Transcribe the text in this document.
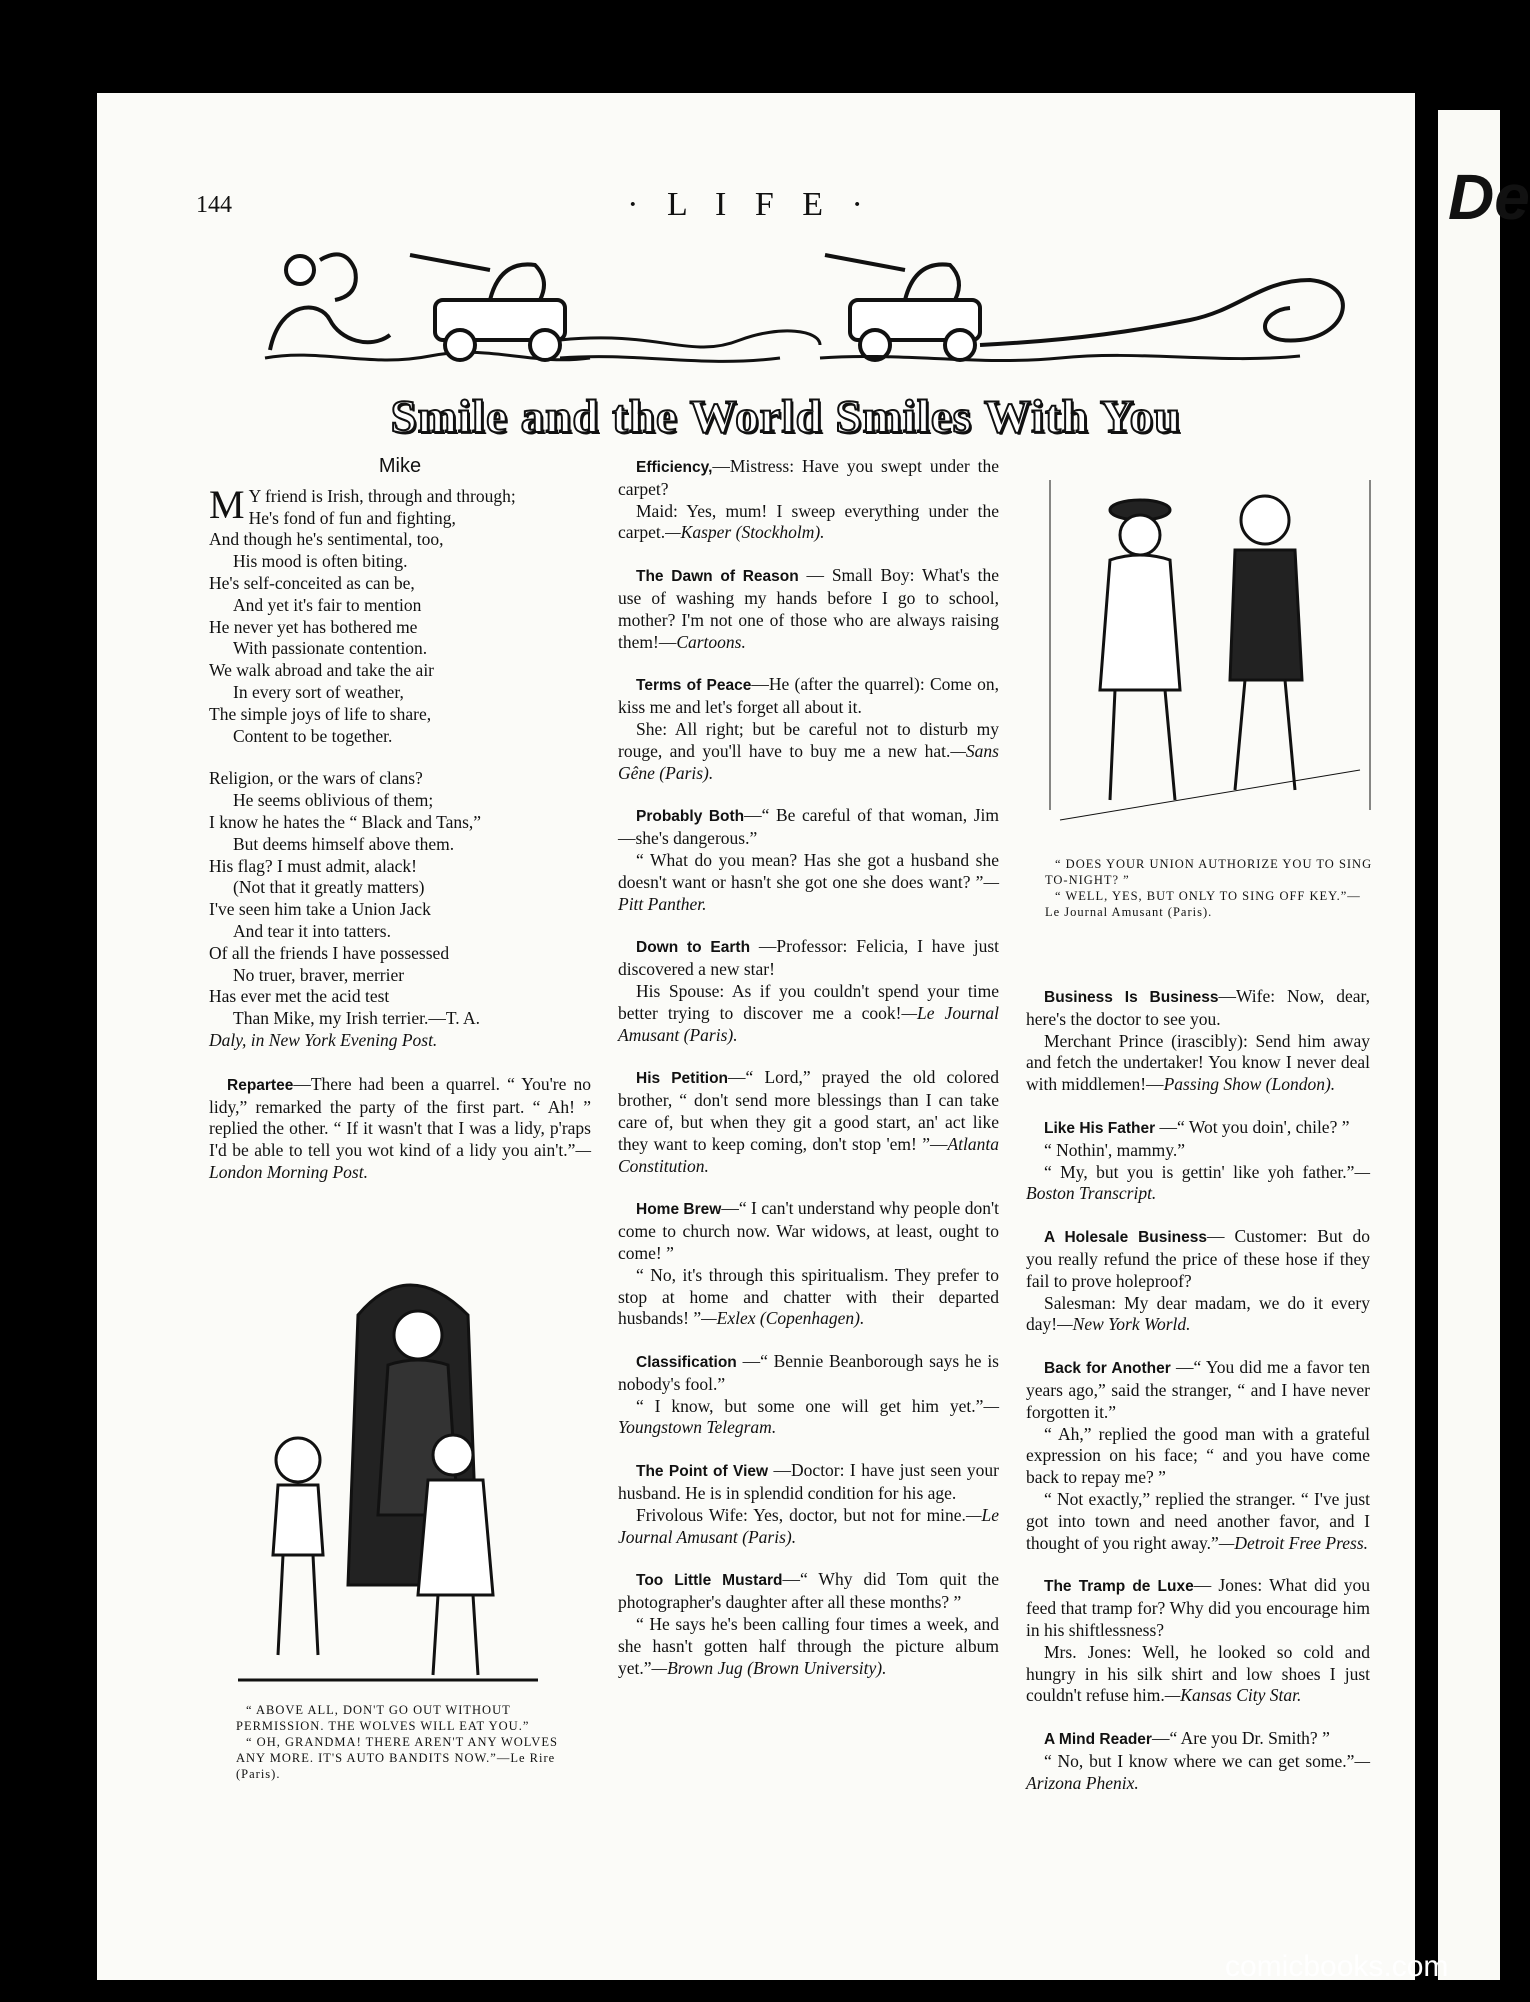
De
144	· L I F E ·
Smile and the World Smiles With You
Mike
M Y friend is Irish, through and through;
He's fond of fun and fighting,
And though he's sentimental, too,
His mood is often biting.
He's self-conceited as can be,
And yet it's fair to mention
He never yet has bothered me
With passionate contention.
We walk abroad and take the air
In every sort of weather,
The simple joys of life to share,
Content to be together.
Religion, or the wars of clans?
He seems oblivious of them;
I know he hates the “ Black and Tans,”
But deems himself above them.
His flag? I must admit, alack!
(Not that it greatly matters)
I've seen him take a Union Jack
And tear it into tatters.
Of all the friends I have possessed
No truer, braver, merrier
Has ever met the acid test
Than Mike, my Irish terrier.—T. A.

Daly, in New York Evening Post.

Repartee—There had been a quarrel. “ You're no lidy,” remarked the party of the first part. “ Ah! ” replied the other. “ If it wasn't that I was a lidy, p'raps I'd be able to tell you wot kind of a lidy you ain't.”—London Morning Post.

“ ABOVE ALL, DON'T GO OUT WITHOUT PERMISSION. THE WOLVES WILL EAT YOU.”

“ OH, GRANDMA! THERE AREN'T ANY WOLVES ANY MORE. IT'S AUTO BANDITS NOW.”—Le Rire (Paris).

Efficiency,—Mistress: Have you swept under the carpet?

Maid: Yes, mum! I sweep everything under the carpet.—Kasper (Stockholm).

The Dawn of Reason — Small Boy: What's the use of washing my hands before I go to school, mother? I'm not one of those who are always raising them!—Cartoons.

Terms of Peace—He (after the quarrel): Come on, kiss me and let's forget all about it.

She: All right; but be careful not to disturb my rouge, and you'll have to buy me a new hat.—Sans Gêne (Paris).

Probably Both—“ Be careful of that woman, Jim—she's dangerous.”

“ What do you mean? Has she got a husband she doesn't want or hasn't she got one she does want? ”—Pitt Panther.

Down to Earth —Professor: Felicia, I have just discovered a new star!

His Spouse: As if you couldn't spend your time better trying to discover me a cook!—Le Journal Amusant (Paris).

His Petition—“ Lord,” prayed the old colored brother, “ don't send more blessings than I can take care of, but when they git a good start, an' act like they want to keep coming, don't stop 'em! ”—Atlanta Constitution.

Home Brew—“ I can't understand why people don't come to church now. War widows, at least, ought to come! ”

“ No, it's through this spiritualism. They prefer to stop at home and chatter with their departed husbands! ”—Exlex (Copenhagen).

Classification —“ Bennie Beanborough says he is nobody's fool.”

“ I know, but some one will get him yet.”—Youngstown Telegram.

The Point of View —Doctor: I have just seen your husband. He is in splendid condition for his age.

Frivolous Wife: Yes, doctor, but not for mine.—Le Journal Amusant (Paris).

Too Little Mustard—“ Why did Tom quit the photographer's daughter after all these months? ”

“ He says he's been calling four times a week, and she hasn't gotten half through the picture album yet.”—Brown Jug (Brown University).

“ DOES YOUR UNION AUTHORIZE YOU TO SING TO-NIGHT? ”

“ WELL, YES, BUT ONLY TO SING OFF KEY.”—Le Journal Amusant (Paris).

Business Is Business—Wife: Now, dear, here's the doctor to see you.

Merchant Prince (irascibly): Send him away and fetch the undertaker! You know I never deal with middlemen!—Passing Show (London).

Like His Father —“ Wot you doin', chile? ”

“ Nothin', mammy.”

“ My, but you is gettin' like yoh father.”—Boston Transcript.

A Holesale Business— Customer: But do you really refund the price of these hose if they fail to prove holeproof?

Salesman: My dear madam, we do it every day!—New York World.

Back for Another —“ You did me a favor ten years ago,” said the stranger, “ and I have never forgotten it.”

“ Ah,” replied the good man with a grateful expression on his face; “ and you have come back to repay me? ”

“ Not exactly,” replied the stranger. “ I've just got into town and need another favor, and I thought of you right away.”—Detroit Free Press.

The Tramp de Luxe— Jones: What did you feed that tramp for? Why did you encourage him in his shiftlessness?

Mrs. Jones: Well, he looked so cold and hungry in his silk shirt and low shoes I just couldn't refuse him.—Kansas City Star.

A Mind Reader—“ Are you Dr. Smith? ”

“ No, but I know where we can get some.”—Arizona Phenix.

comicbooks.com
